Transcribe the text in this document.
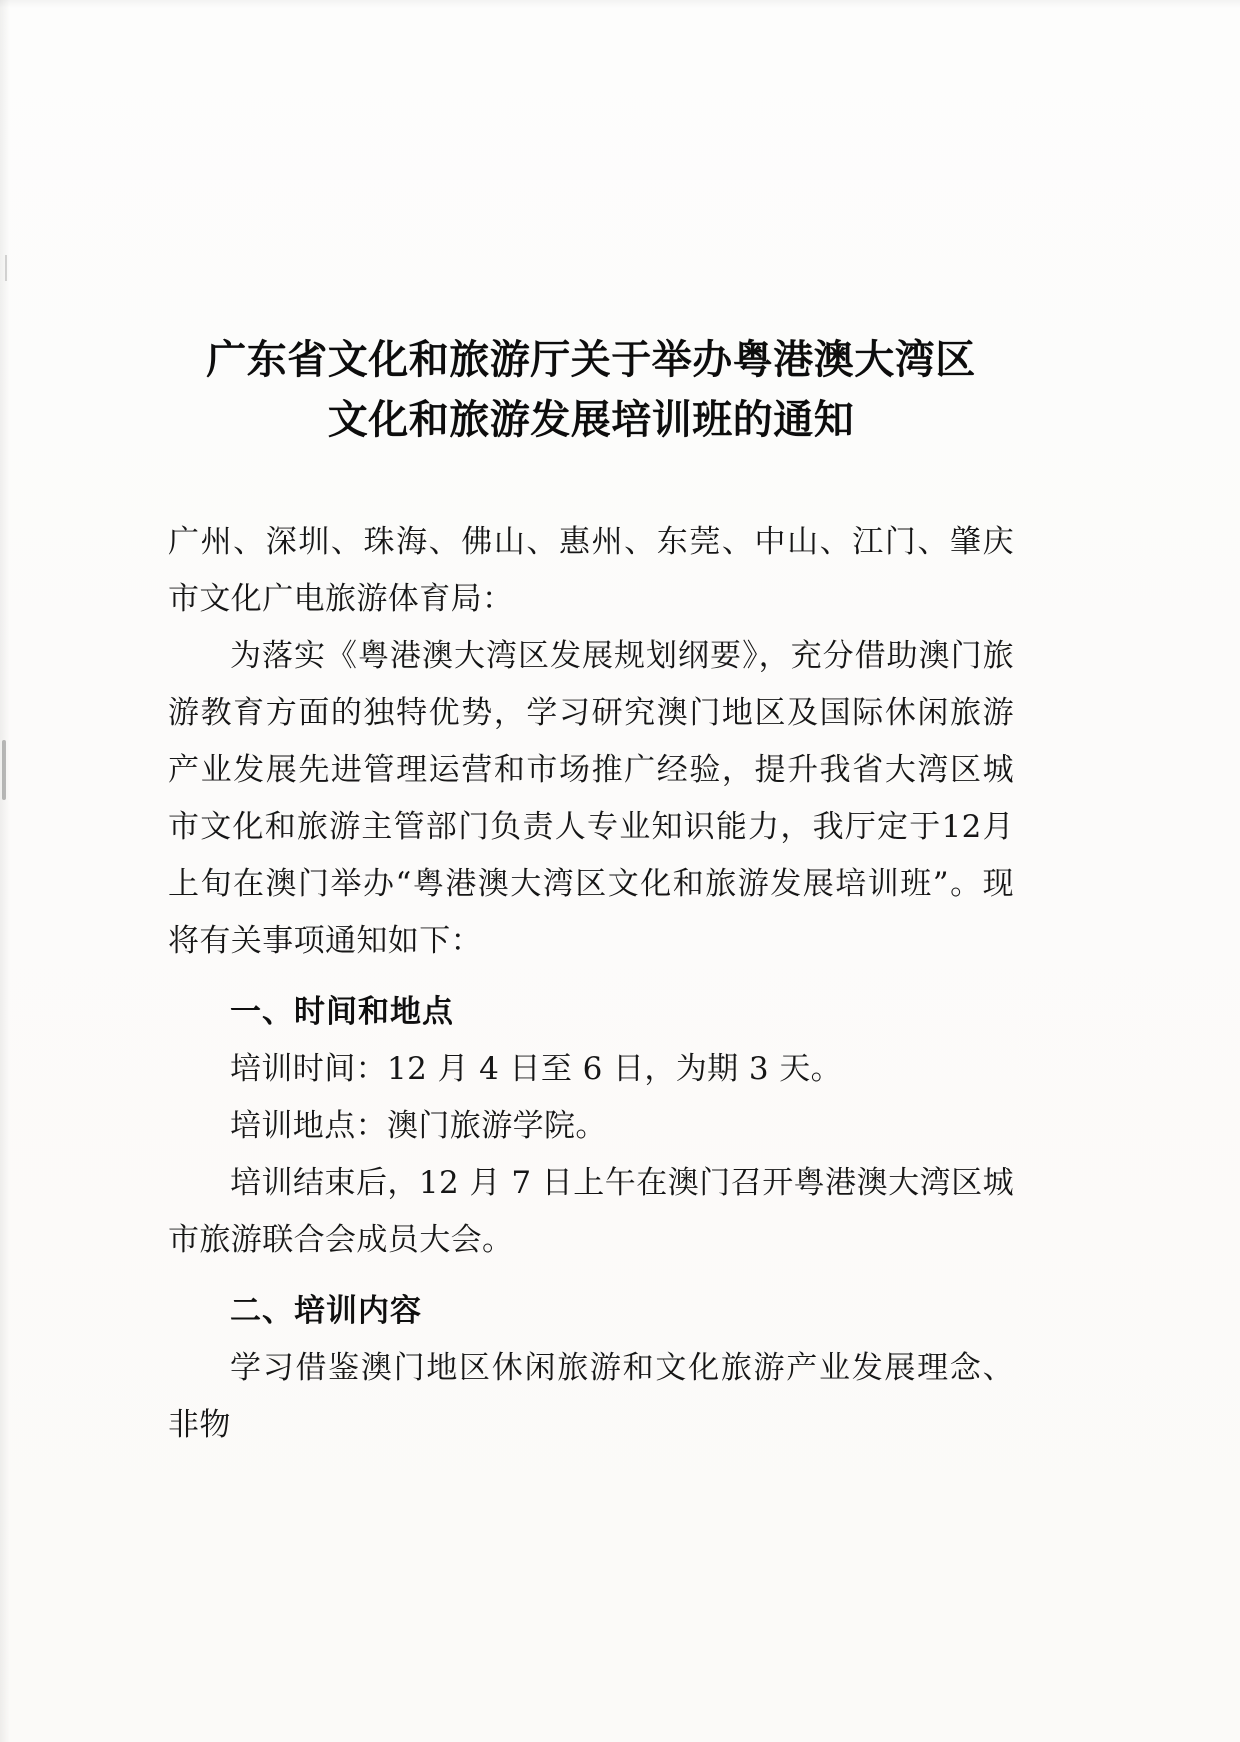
广东省文化和旅游厅关于举办粤港澳大湾区
文化和旅游发展培训班的通知

广州、深圳、珠海、佛山、惠州、东莞、中山、江门、肇庆市文化广电旅游体育局：

为落实《粤港澳大湾区发展规划纲要》，充分借助澳门旅游教育方面的独特优势，学习研究澳门地区及国际休闲旅游产业发展先进管理运营和市场推广经验，提升我省大湾区城市文化和旅游主管部门负责人专业知识能力，我厅定于12月上旬在澳门举办“粤港澳大湾区文化和旅游发展培训班”。现将有关事项通知如下：

一、时间和地点

培训时间：12 月 4 日至 6 日，为期 3 天。

培训地点：澳门旅游学院。

培训结束后，12 月 7 日上午在澳门召开粤港澳大湾区城市旅游联合会成员大会。

二、培训内容

学习借鉴澳门地区休闲旅游和文化旅游产业发展理念、非物
